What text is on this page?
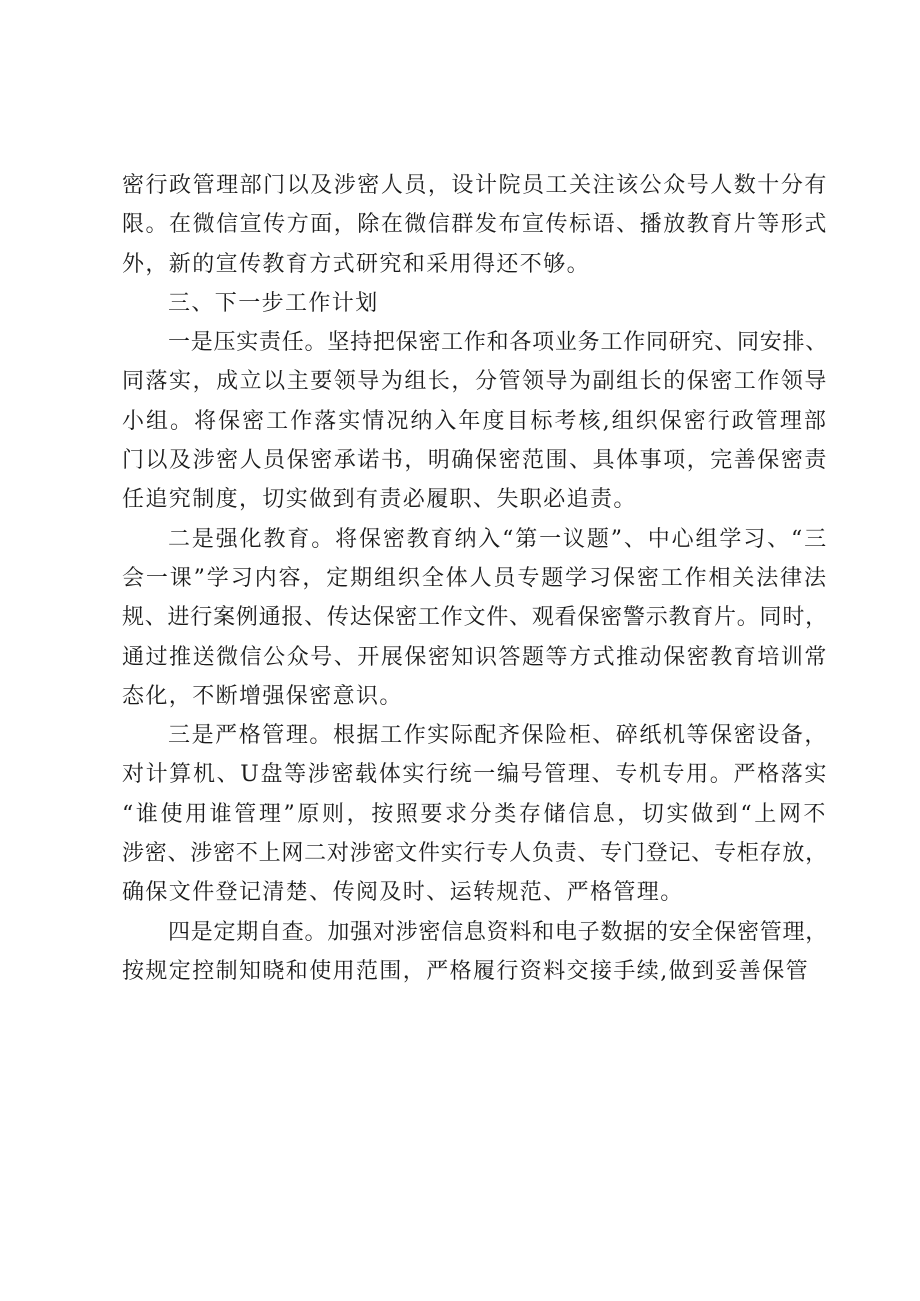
密行政管理部门以及涉密人员，设计院员工关注该公众号人数十分有
限。在微信宣传方面，除在微信群发布宣传标语、播放教育片等形式
外，新的宣传教育方式研究和采用得还不够。
三、下一步工作计划
一是压实责任。坚持把保密工作和各项业务工作同研究、同安排、
同落实，成立以主要领导为组长，分管领导为副组长的保密工作领导
小组。将保密工作落实情况纳入年度目标考核,组织保密行政管理部
门以及涉密人员保密承诺书，明确保密范围、具体事项，完善保密责
任追究制度，切实做到有责必履职、失职必追责。
二是强化教育。将保密教育纳入“第一议题”、中心组学习、“三
会一课”学习内容，定期组织全体人员专题学习保密工作相关法律法
规、进行案例通报、传达保密工作文件、观看保密警示教育片。同时，
通过推送微信公众号、开展保密知识答题等方式推动保密教育培训常
态化，不断增强保密意识。
三是严格管理。根据工作实际配齐保险柜、碎纸机等保密设备，
对计算机、U盘等涉密载体实行统一编号管理、专机专用。严格落实
“谁使用谁管理”原则，按照要求分类存储信息，切实做到“上网不
涉密、涉密不上网二对涉密文件实行专人负责、专门登记、专柜存放，
确保文件登记清楚、传阅及时、运转规范、严格管理。
四是定期自查。加强对涉密信息资料和电子数据的安全保密管理，
按规定控制知晓和使用范围，严格履行资料交接手续,做到妥善保管
